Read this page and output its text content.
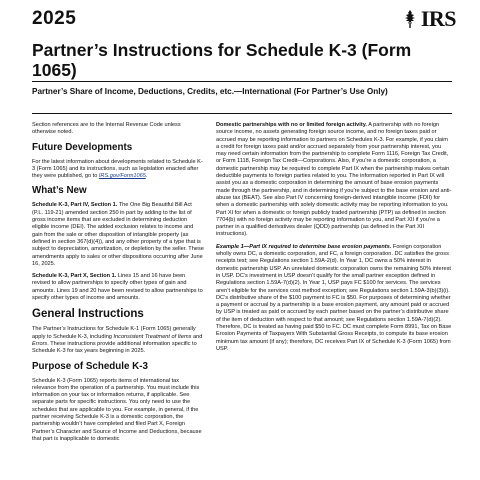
2025	IRS
Partner’s Instructions for Schedule K-3 (Form 1065)
Partner’s Share of Income, Deductions, Credits, etc.—International (For Partner’s Use Only)

Section references are to the Internal Revenue Code unless otherwise noted.

Future Developments

For the latest information about developments related to Schedule K-3 (Form 1065) and its instructions, such as legislation enacted after they were published, go to IRS.gov/Form1065.

What’s New

Schedule K-3, Part IV, Section 1. The One Big Beautiful Bill Act (P.L. 119-21) amended section 250 in part by adding to the list of gross income items that are excluded in determining deduction eligible income (DEI). The added exclusion relates to income and gain from the sale or other disposition of intangible property (as defined in section 367(d)(4)), and any other property of a type that is subject to depreciation, amortization, or depletion by the seller. These amendments apply to sales or other dispositions occurring after June 16, 2025.

Schedule K-3, Part X, Section 1. Lines 15 and 16 have been revised to allow partnerships to specify other types of gain and amounts. Lines 19 and 20 have been revised to allow partnerships to specify other types of income and amounts.

General Instructions

The Partner’s Instructions for Schedule K-1 (Form 1065) generally apply to Schedule K-3, including Inconsistent Treatment of Items and Errors. These instructions provide additional information specific to Schedule K-3 for tax years beginning in 2025.

Purpose of Schedule K-3

Schedule K-3 (Form 1065) reports items of international tax relevance from the operation of a partnership. You must include this information on your tax or information returns, if applicable. See separate parts for specific instructions. You only need to use the schedules that are applicable to you. For example, in general, if the partner receiving Schedule K-3 is a domestic corporation, the partnership wouldn’t have completed and filed Part X, Foreign Partner’s Character and Source of Income and Deductions, because that part is inapplicable to domestic

Domestic partnerships with no or limited foreign activity. A partnership with no foreign source income, no assets generating foreign source income, and no foreign taxes paid or accrued may be reporting information to partners on Schedules K-3. For example, if you claim a credit for foreign taxes paid and/or accrued separately from your partnership interest, you may need certain information from the partnership to complete Form 1116, Foreign Tax Credit, or Form 1118, Foreign Tax Credit—Corporations. Also, if you’re a domestic corporation, a domestic partnership may be required to complete Part IX when the partnership makes certain deductible payments to foreign parties related to you. The information reported in Part IX will assist you as a domestic corporation in determining the amount of base erosion payments made through the partnership, and in determining if you’re subject to the base erosion and anti-abuse tax (BEAT). See also Part IV concerning foreign-derived intangible income (FDII) for when a domestic partnership with solely domestic activity may be reporting information to you. Part XI for when a domestic or foreign publicly traded partnership (PTP) as defined in section 7704(b) with no foreign activity may be reporting information to you, and Part XII if you’re a partner in a qualified derivatives dealer (QDD) partnership (as defined in the Part XII instructions).

Example 1—Part IX required to determine base erosion payments. Foreign corporation wholly owns DC, a domestic corporation, and FC, a foreign corporation. DC satisfies the gross receipts test; see Regulations section 1.59A-2(d). In Year 1, DC owns a 50% interest in domestic partnership USP. An unrelated domestic corporation owns the remaining 50% interest in USP. DC’s investment in USP doesn’t qualify for the small partner exception defined in Regulations section 1.59A-7(d)(2). In Year 1, USP pays FC $100 for services. The services aren’t eligible for the services cost method exception; see Regulations section 1.59A-3(b)(3)(i). DC’s distributive share of the $100 payment to FC is $50. For purposes of determining whether a payment or accrual by a partnership is a base erosion payment, any amount paid or accrued by USP is treated as paid or accrued by each partner based on the partner’s distributive share of the item of deduction with respect to that amount; see Regulations section 1.59A-7(d)(2). Therefore, DC is treated as having paid $50 to FC. DC must complete Form 8991, Tax on Base Erosion Payments of Taxpayers With Substantial Gross Receipts, to compute its base erosion minimum tax amount (if any); therefore, DC receives Part IX of Schedule K-3 (Form 1065) from USP.
